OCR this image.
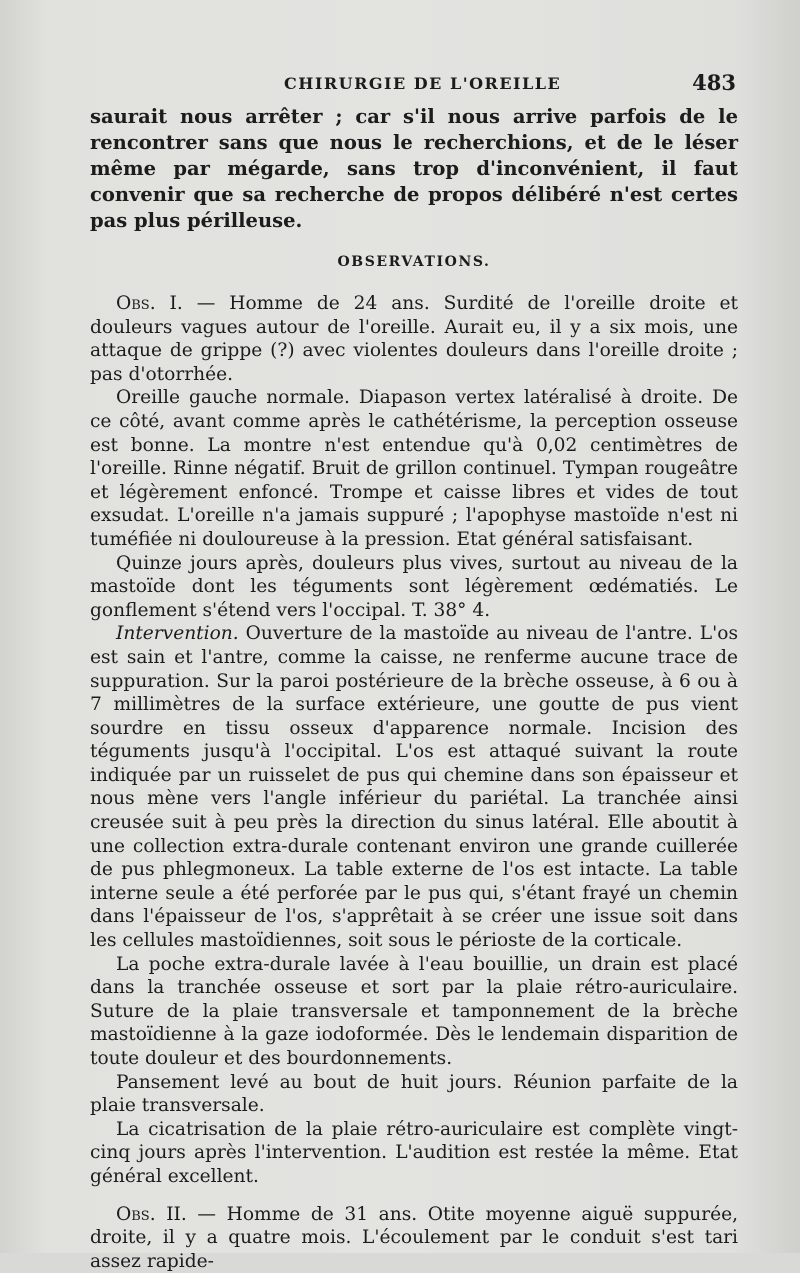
CHIRURGIE DE L'OREILLE	483

saurait nous arrêter ; car s'il nous arrive parfois de le rencontrer sans que nous le recherchions, et de le léser même par mégarde, sans trop d'inconvénient, il faut convenir que sa recherche de propos délibéré n'est certes pas plus périlleuse.

OBSERVATIONS.

Obs. I. — Homme de 24 ans. Surdité de l'oreille droite et douleurs vagues autour de l'oreille. Aurait eu, il y a six mois, une attaque de grippe (?) avec violentes douleurs dans l'oreille droite ; pas d'otorrhée.

Oreille gauche normale. Diapason vertex latéralisé à droite. De ce côté, avant comme après le cathétérisme, la perception osseuse est bonne. La montre n'est entendue qu'à 0,02 centimètres de l'oreille. Rinne négatif. Bruit de grillon continuel. Tympan rougeâtre et légèrement enfoncé. Trompe et caisse libres et vides de tout exsudat. L'oreille n'a jamais suppuré ; l'apophyse mastoïde n'est ni tuméfiée ni douloureuse à la pression. Etat général satisfaisant.

Quinze jours après, douleurs plus vives, surtout au niveau de la mastoïde dont les téguments sont légèrement œdématiés. Le gonflement s'étend vers l'occipal. T. 38° 4.

Intervention. Ouverture de la mastoïde au niveau de l'antre. L'os est sain et l'antre, comme la caisse, ne renferme aucune trace de suppuration. Sur la paroi postérieure de la brèche osseuse, à 6 ou à 7 millimètres de la surface extérieure, une goutte de pus vient sourdre en tissu osseux d'apparence normale. Incision des téguments jusqu'à l'occipital. L'os est attaqué suivant la route indiquée par un ruisselet de pus qui chemine dans son épaisseur et nous mène vers l'angle inférieur du pariétal. La tranchée ainsi creusée suit à peu près la direction du sinus latéral. Elle aboutit à une collection extra-durale contenant environ une grande cuillerée de pus phlegmoneux. La table externe de l'os est intacte. La table interne seule a été perforée par le pus qui, s'étant frayé un chemin dans l'épaisseur de l'os, s'apprêtait à se créer une issue soit dans les cellules mastoïdiennes, soit sous le périoste de la corticale.

La poche extra-durale lavée à l'eau bouillie, un drain est placé dans la tranchée osseuse et sort par la plaie rétro-auriculaire. Suture de la plaie transversale et tamponnement de la brèche mastoïdienne à la gaze iodoformée. Dès le lendemain disparition de toute douleur et des bourdonnements.

Pansement levé au bout de huit jours. Réunion parfaite de la plaie transversale.

La cicatrisation de la plaie rétro-auriculaire est complète vingt-cinq jours après l'intervention. L'audition est restée la même. Etat général excellent.

Obs. II. — Homme de 31 ans. Otite moyenne aiguë suppurée, droite, il y a quatre mois. L'écoulement par le conduit s'est tari assez rapide-
